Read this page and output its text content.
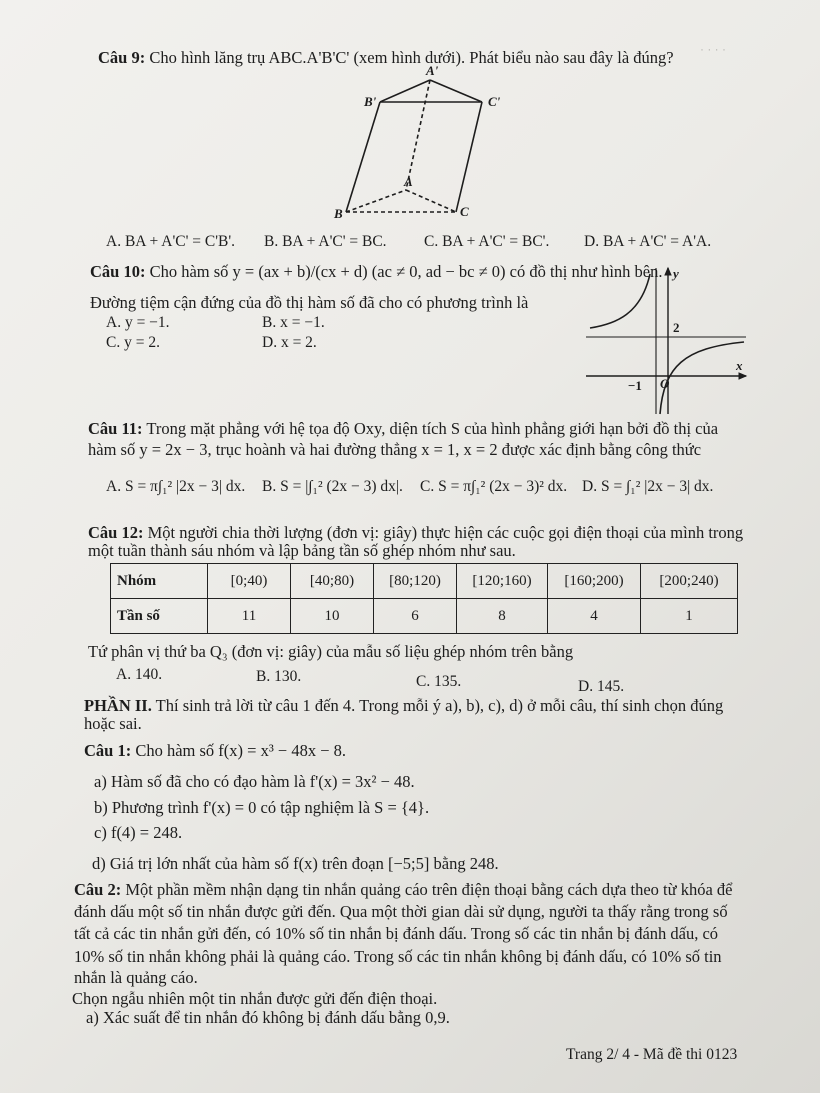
· · · ·
Câu 9: Cho hình lăng trụ ABC.A'B'C' (xem hình dưới). Phát biểu nào sau đây là đúng?
A'
B'	C'
A
B	C
A. BA + A'C' = C'B'. B. BA + A'C' = BC. C. BA + A'C' = BC'. D. BA + A'C' = A'A.
Câu 10: Cho hàm số y = (ax + b)/(cx + d) (ac ≠ 0, ad − bc ≠ 0) có đồ thị như hình bên.
Đường tiệm cận đứng của đồ thị hàm số đã cho có phương trình là
A. y = −1.	B. x = −1.
C. y = 2.	D. x = 2.
y
x
2
−1 O
Câu 11: Trong mặt phẳng với hệ tọa độ Oxy, diện tích S của hình phẳng giới hạn bởi đồ thị của
hàm số y = 2x − 3, trục hoành và hai đường thẳng x = 1, x = 2 được xác định bằng công thức
A. S = π∫₁² |2x − 3| dx. B. S = |∫₁² (2x − 3) dx|. C. S = π∫₁² (2x − 3)² dx. D. S = ∫₁² |2x − 3| dx.
Câu 12: Một người chia thời lượng (đơn vị: giây) thực hiện các cuộc gọi điện thoại của mình trong
một tuần thành sáu nhóm và lập bảng tần số ghép nhóm như sau.
Nhóm	[0;40)	[40;80)	[80;120)	[120;160)	[160;200)	[200;240)
Tần số	11	10	6	8	4	1
Tứ phân vị thứ ba Q₃ (đơn vị: giây) của mẫu số liệu ghép nhóm trên bằng
A. 140.	B. 130.	C. 135.	D. 145.
PHẦN II. Thí sinh trả lời từ câu 1 đến 4. Trong mỗi ý a), b), c), d) ở mỗi câu, thí sinh chọn đúng
hoặc sai.
Câu 1: Cho hàm số f(x) = x³ − 48x − 8.
a) Hàm số đã cho có đạo hàm là f'(x) = 3x² − 48.
b) Phương trình f'(x) = 0 có tập nghiệm là S = {4}.
c) f(4) = 248.
d) Giá trị lớn nhất của hàm số f(x) trên đoạn [−5;5] bằng 248.
Câu 2: Một phần mềm nhận dạng tin nhắn quảng cáo trên điện thoại bằng cách dựa theo từ khóa để
đánh dấu một số tin nhắn được gửi đến. Qua một thời gian dài sử dụng, người ta thấy rằng trong số
tất cả các tin nhắn gửi đến, có 10% số tin nhắn bị đánh dấu. Trong số các tin nhắn bị đánh dấu, có
10% số tin nhắn không phải là quảng cáo. Trong số các tin nhắn không bị đánh dấu, có 10% số tin
nhắn là quảng cáo.
Chọn ngẫu nhiên một tin nhắn được gửi đến điện thoại.
a) Xác suất để tin nhắn đó không bị đánh dấu bằng 0,9.
Trang 2/ 4 - Mã đề thi 0123
